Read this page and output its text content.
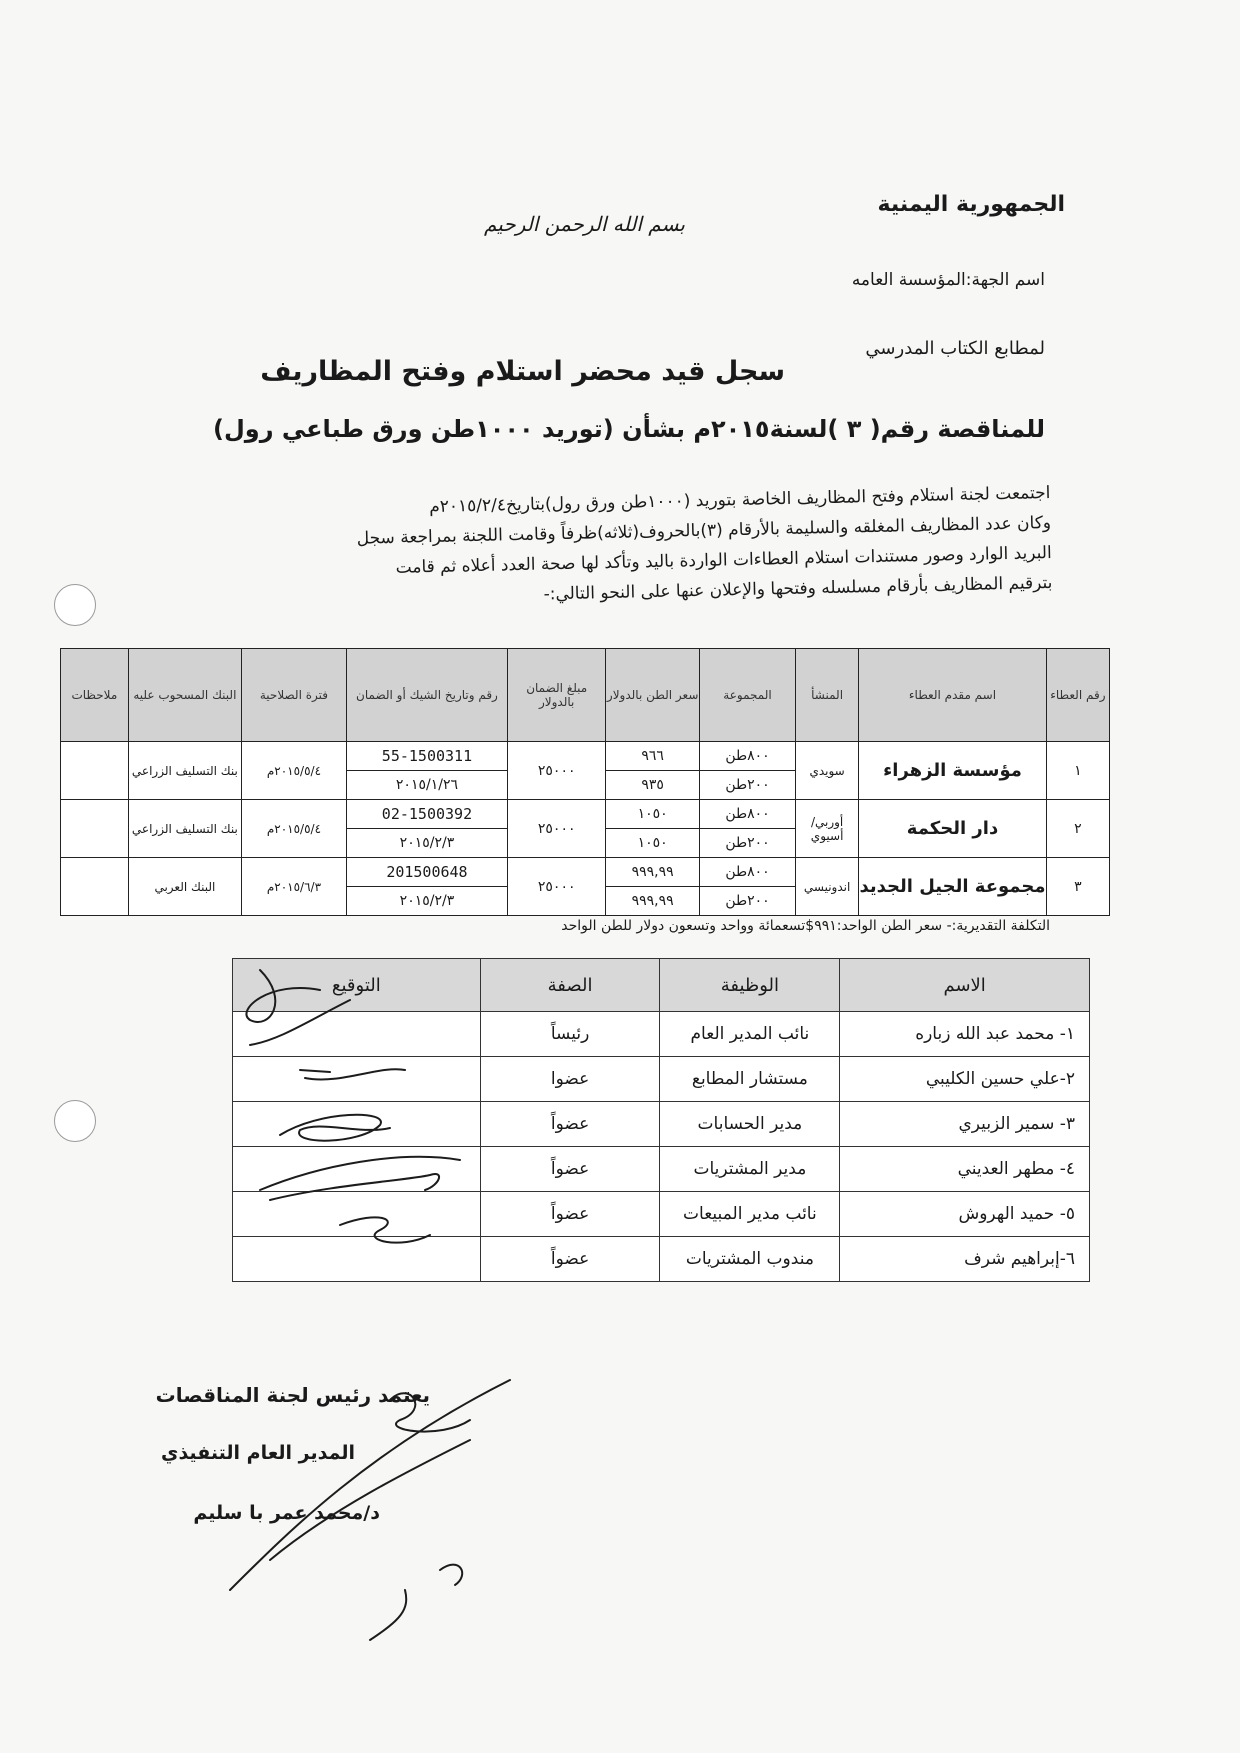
الجمهورية اليمنية
بسم الله الرحمن الرحيم
اسم الجهة:المؤسسة العامه
لمطابع الكتاب المدرسي
سجل قيد محضر استلام وفتح المظاريف
للمناقصة رقم( ٣ )لسنة٢٠١٥م بشأن (توريد ١٠٠٠طن ورق طباعي رول)
اجتمعت لجنة استلام وفتح المظاريف الخاصة بتوريد (١٠٠٠طن ورق رول)بتاريخ٢٠١٥/٢/٤م
وكان عدد المظاريف المغلقه والسليمة بالأرقام (٣)بالحروف(ثلاثه)ظرفاً وقامت اللجنة بمراجعة سجل
البريد الوارد وصور مستندات استلام العطاءات الواردة باليد وتأكد لها صحة العدد أعلاه ثم قامت
بترقيم المظاريف بأرقام مسلسله وفتحها والإعلان عنها على النحو التالي:-
رقم العطاء	اسم مقدم العطاء	المنشأ	المجموعة	سعر الطن بالدولار	مبلغ الضمان بالدولار	رقم وتاريخ الشيك أو الضمان	فترة الصلاحية	البنك المسحوب عليه	ملاحظات
١	مؤسسة الزهراء	سويدي	٨٠٠طن	٩٦٦	٢٥٠٠٠	55-1500311	٢٠١٥/٥/٤م	بنك التسليف الزراعي	
			٢٠٠طن	٩٣٥		٢٠١٥/١/٢٦			
٢	دار الحكمة	أوربي/ أسيوي	٨٠٠طن	١٠٥٠	٢٥٠٠٠	02-1500392	٢٠١٥/٥/٤م	بنك التسليف الزراعي	
			٢٠٠طن	١٠٥٠		٢٠١٥/٢/٣			
٣	مجموعة الجيل الجديد	اندونيسي	٨٠٠طن	٩٩٩,٩٩	٢٥٠٠٠	201500648	٢٠١٥/٦/٣م	البنك العربي	
			٢٠٠طن	٩٩٩,٩٩		٢٠١٥/٢/٣			
التكلفة التقديرية:- سعر الطن الواحد:٩٩١$تسعمائة وواحد وتسعون دولار للطن الواحد
الاسم	الوظيفة	الصفة	التوقيع
١- محمد عبد الله زباره	نائب المدير العام	رئيساً	
٢-علي حسين الكليبي	مستشار المطابع	عضوا	
٣- سمير الزبيري	مدير الحسابات	عضواً	
٤- مطهر العديني	مدير المشتريات	عضواً	
٥- حميد الهروش	نائب مدير المبيعات	عضواً	
٦-إبراهيم شرف	مندوب المشتريات	عضواً	
يعتمد رئيس لجنة المناقصات
المدير العام التنفيذي
د/محمد عمر با سليم
